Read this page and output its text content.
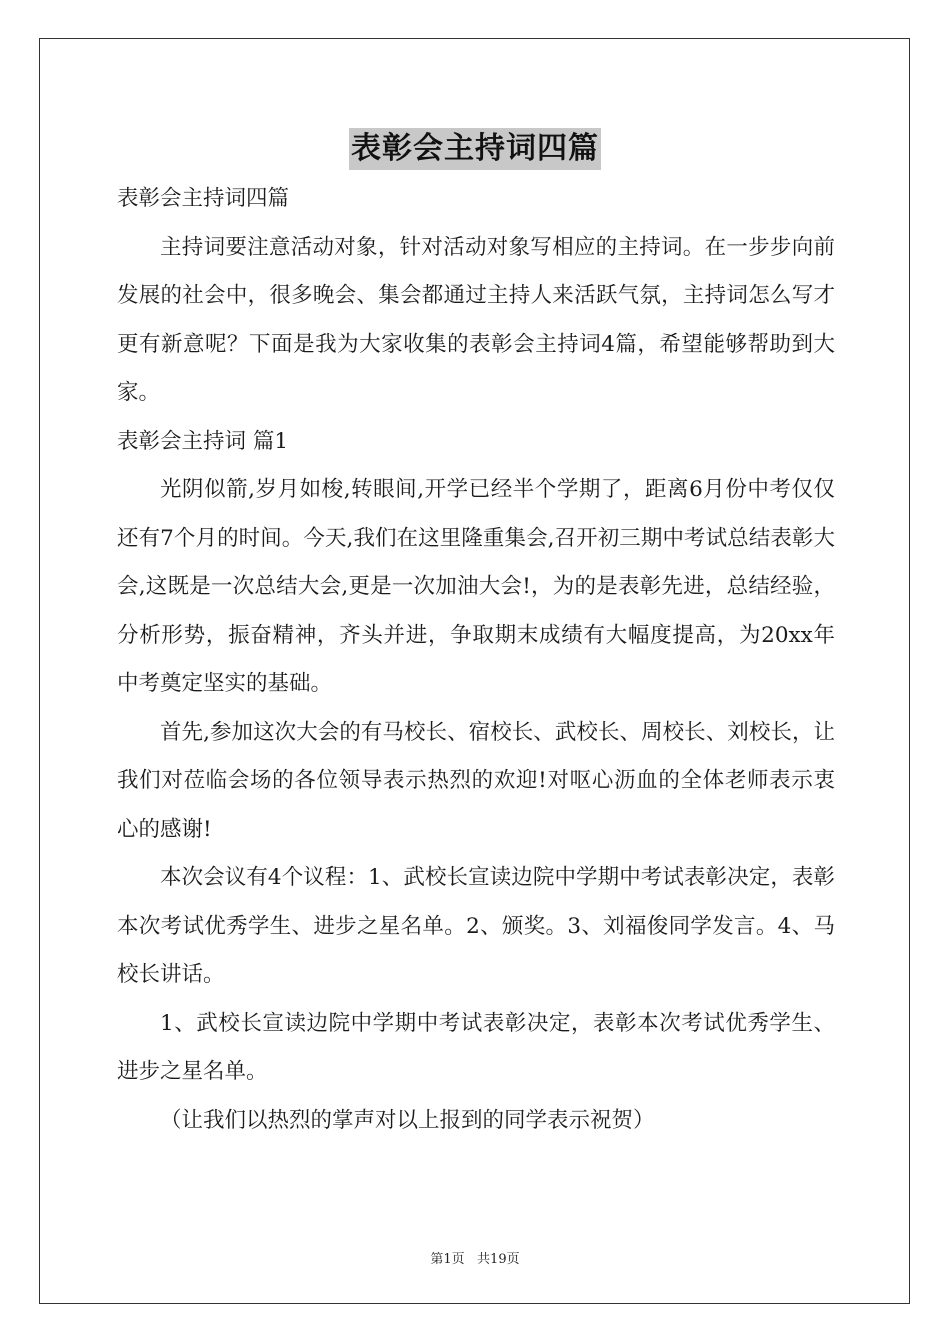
表彰会主持词四篇

表彰会主持词四篇

主持词要注意活动对象，针对活动对象写相应的主持词。在一步步向前发展的社会中，很多晚会、集会都通过主持人来活跃气氛，主持词怎么写才更有新意呢？下面是我为大家收集的表彰会主持词4篇，希望能够帮助到大家。

表彰会主持词 篇1

光阴似箭,岁月如梭,转眼间,开学已经半个学期了，距离6月份中考仅仅还有7个月的时间。今天,我们在这里隆重集会,召开初三期中考试总结表彰大会,这既是一次总结大会,更是一次加油大会!，为的是表彰先进，总结经验，分析形势，振奋精神，齐头并进，争取期末成绩有大幅度提高，为20xx年中考奠定坚实的基础。

首先,参加这次大会的有马校长、宿校长、武校长、周校长、刘校长，让我们对莅临会场的各位领导表示热烈的欢迎!对呕心沥血的全体老师表示衷心的感谢!

本次会议有4个议程：1、武校长宣读边院中学期中考试表彰决定，表彰本次考试优秀学生、进步之星名单。2、颁奖。3、刘福俊同学发言。4、马校长讲话。

1、武校长宣读边院中学期中考试表彰决定，表彰本次考试优秀学生、进步之星名单。

（让我们以热烈的掌声对以上报到的同学表示祝贺）

第1页   共19页
